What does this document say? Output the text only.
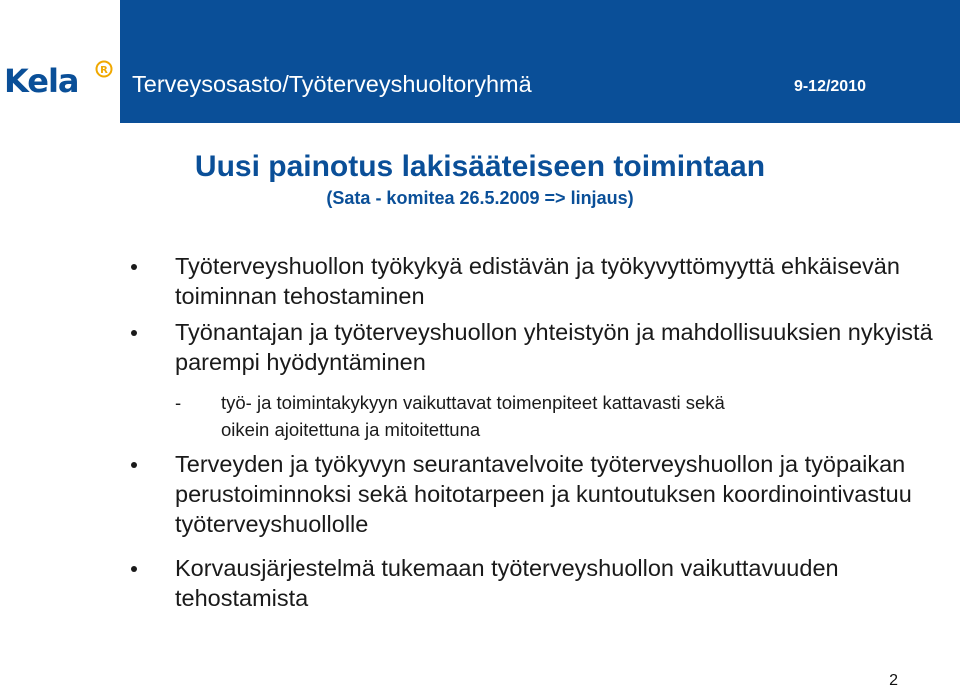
Kela R
Terveysosasto/Työterveyshuoltoryhmä	9-12/2010
Uusi painotus lakisääteiseen toimintaan
(Sata - komitea 26.5.2009 => linjaus)
Työterveyshuollon työkykyä edistävän ja työkyvyttömyyttä ehkäisevän toiminnan tehostaminen
Työnantajan ja työterveyshuollon yhteistyön ja mahdollisuuksien nykyistä parempi hyödyntäminen
- työ- ja toimintakykyyn vaikuttavat toimenpiteet kattavasti sekä oikein ajoitettuna ja mitoitettuna
Terveyden ja työkyvyn seurantavelvoite työterveyshuollon ja työpaikan perustoiminnoksi sekä hoitotarpeen ja kuntoutuksen koordinointivastuu työterveyshuollolle
Korvausjärjestelmä tukemaan työterveyshuollon vaikuttavuuden tehostamista
2
